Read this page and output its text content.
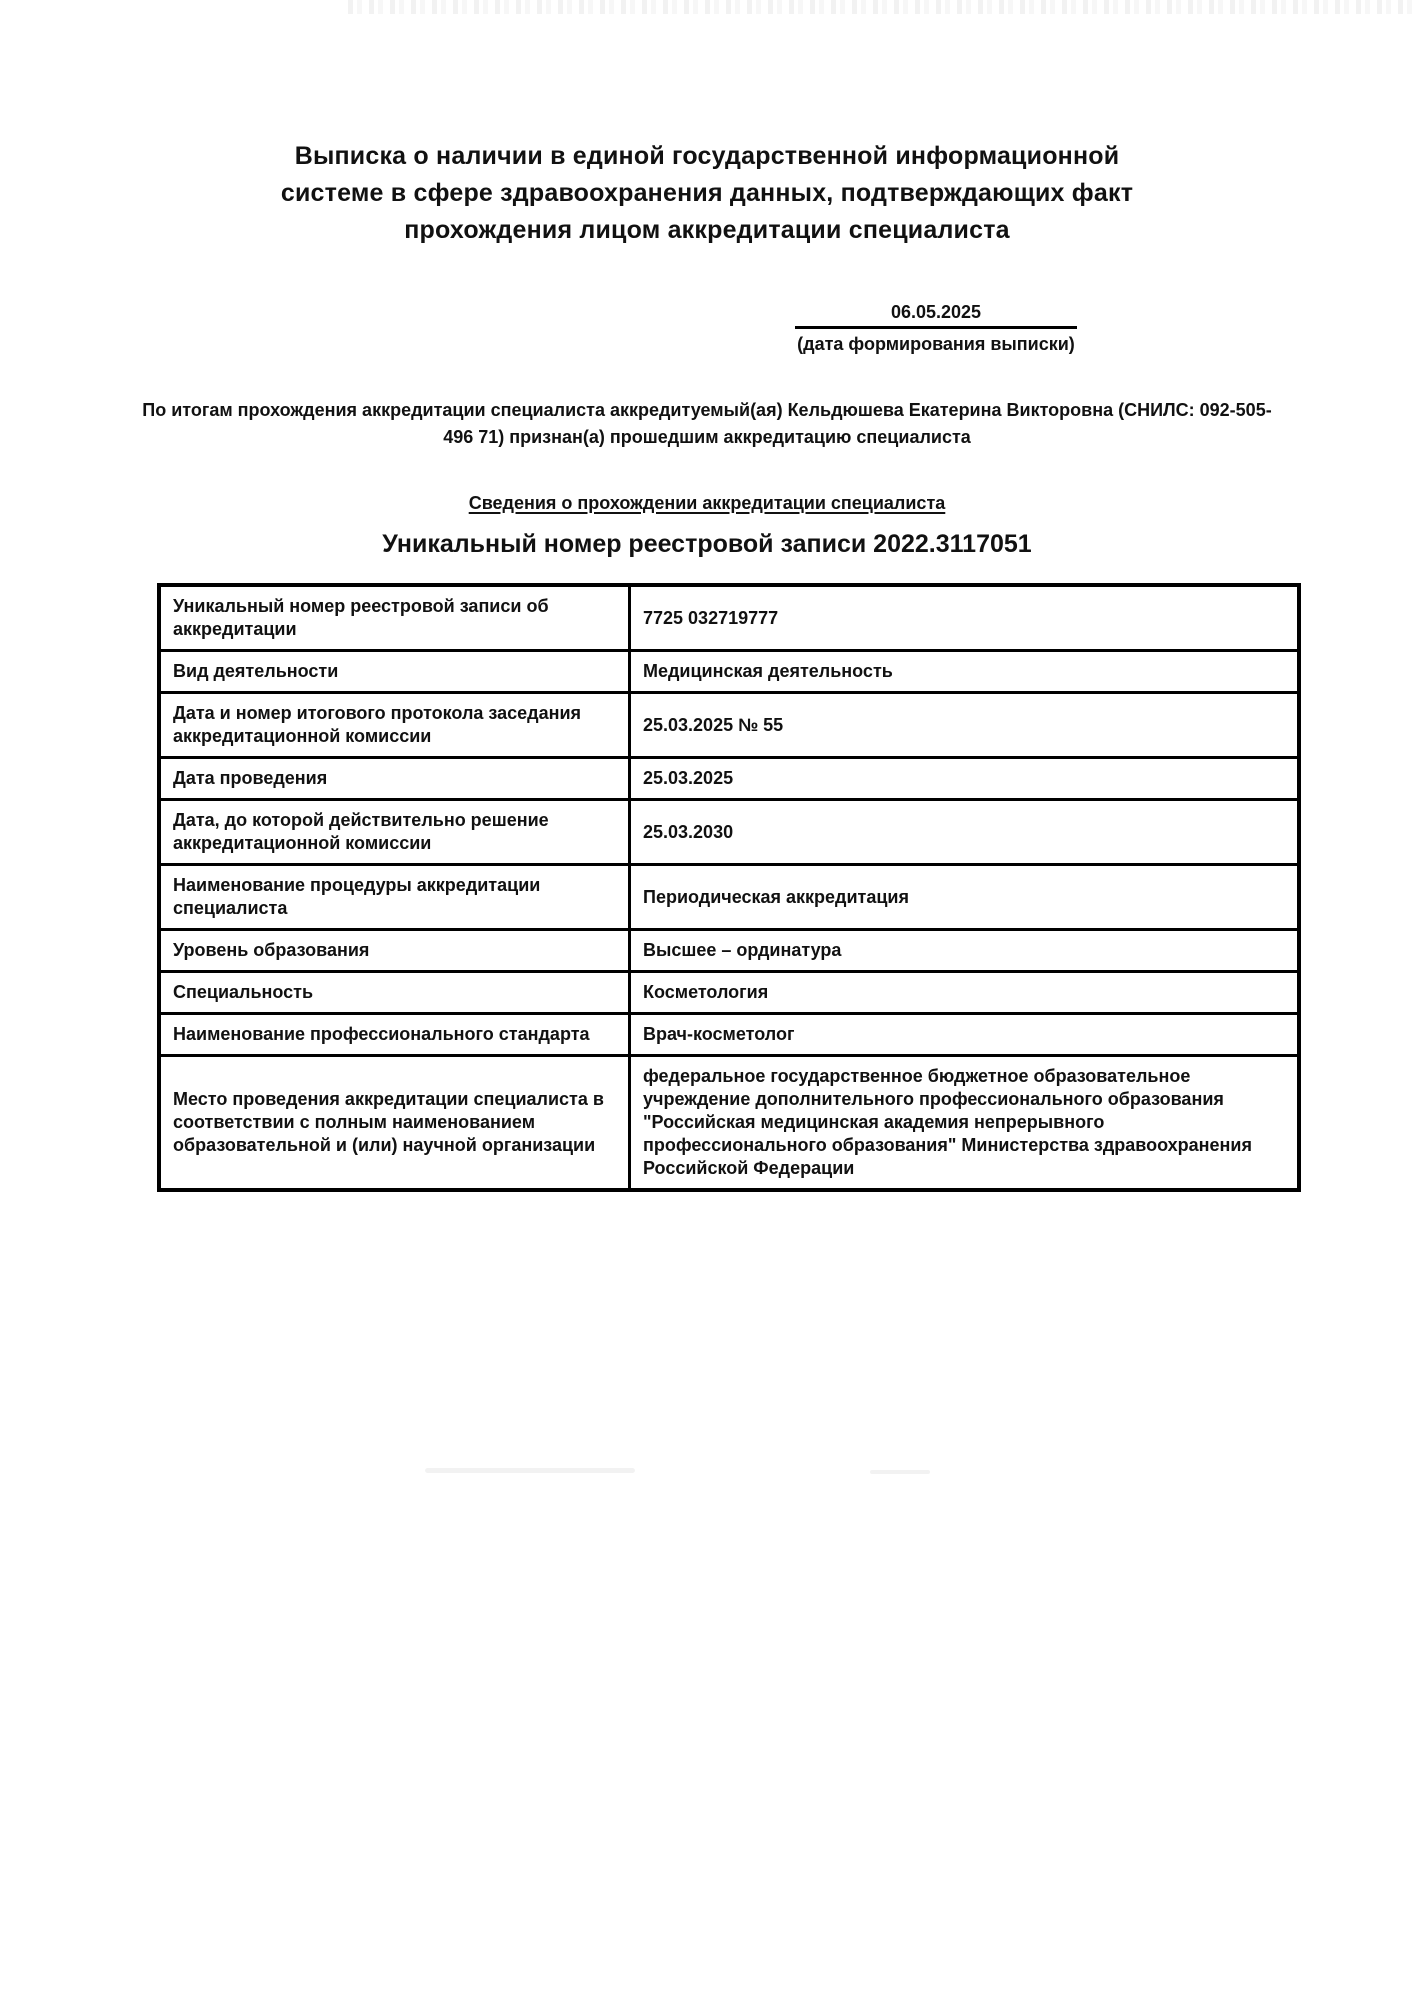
Выписка о наличии в единой государственной информационной
системе в сфере здравоохранения данных, подтверждающих факт
прохождения лицом аккредитации специалиста
06.05.2025
(дата формирования выписки)

По итогам прохождения аккредитации специалиста аккредитуемый(ая) Кельдюшева Екатерина Викторовна (СНИЛС: 092-505-496 71) признан(а) прошедшим аккредитацию специалиста

Сведения о прохождении аккредитации специалиста
Уникальный номер реестровой записи 2022.3117051
Уникальный номер реестровой записи об аккредитации	7725 032719777
Вид деятельности	Медицинская деятельность
Дата и номер итогового протокола заседания аккредитационной комиссии	25.03.2025 № 55
Дата проведения	25.03.2025
Дата, до которой действительно решение аккредитационной комиссии	25.03.2030
Наименование процедуры аккредитации специалиста	Периодическая аккредитация
Уровень образования	Высшее – ординатура
Специальность	Косметология
Наименование профессионального стандарта	Врач-косметолог
Место проведения аккредитации специалиста в соответствии с полным наименованием образовательной и (или) научной организации	федеральное государственное бюджетное образовательное учреждение дополнительного профессионального образования "Российская медицинская академия непрерывного профессионального образования" Министерства здравоохранения Российской Федерации
